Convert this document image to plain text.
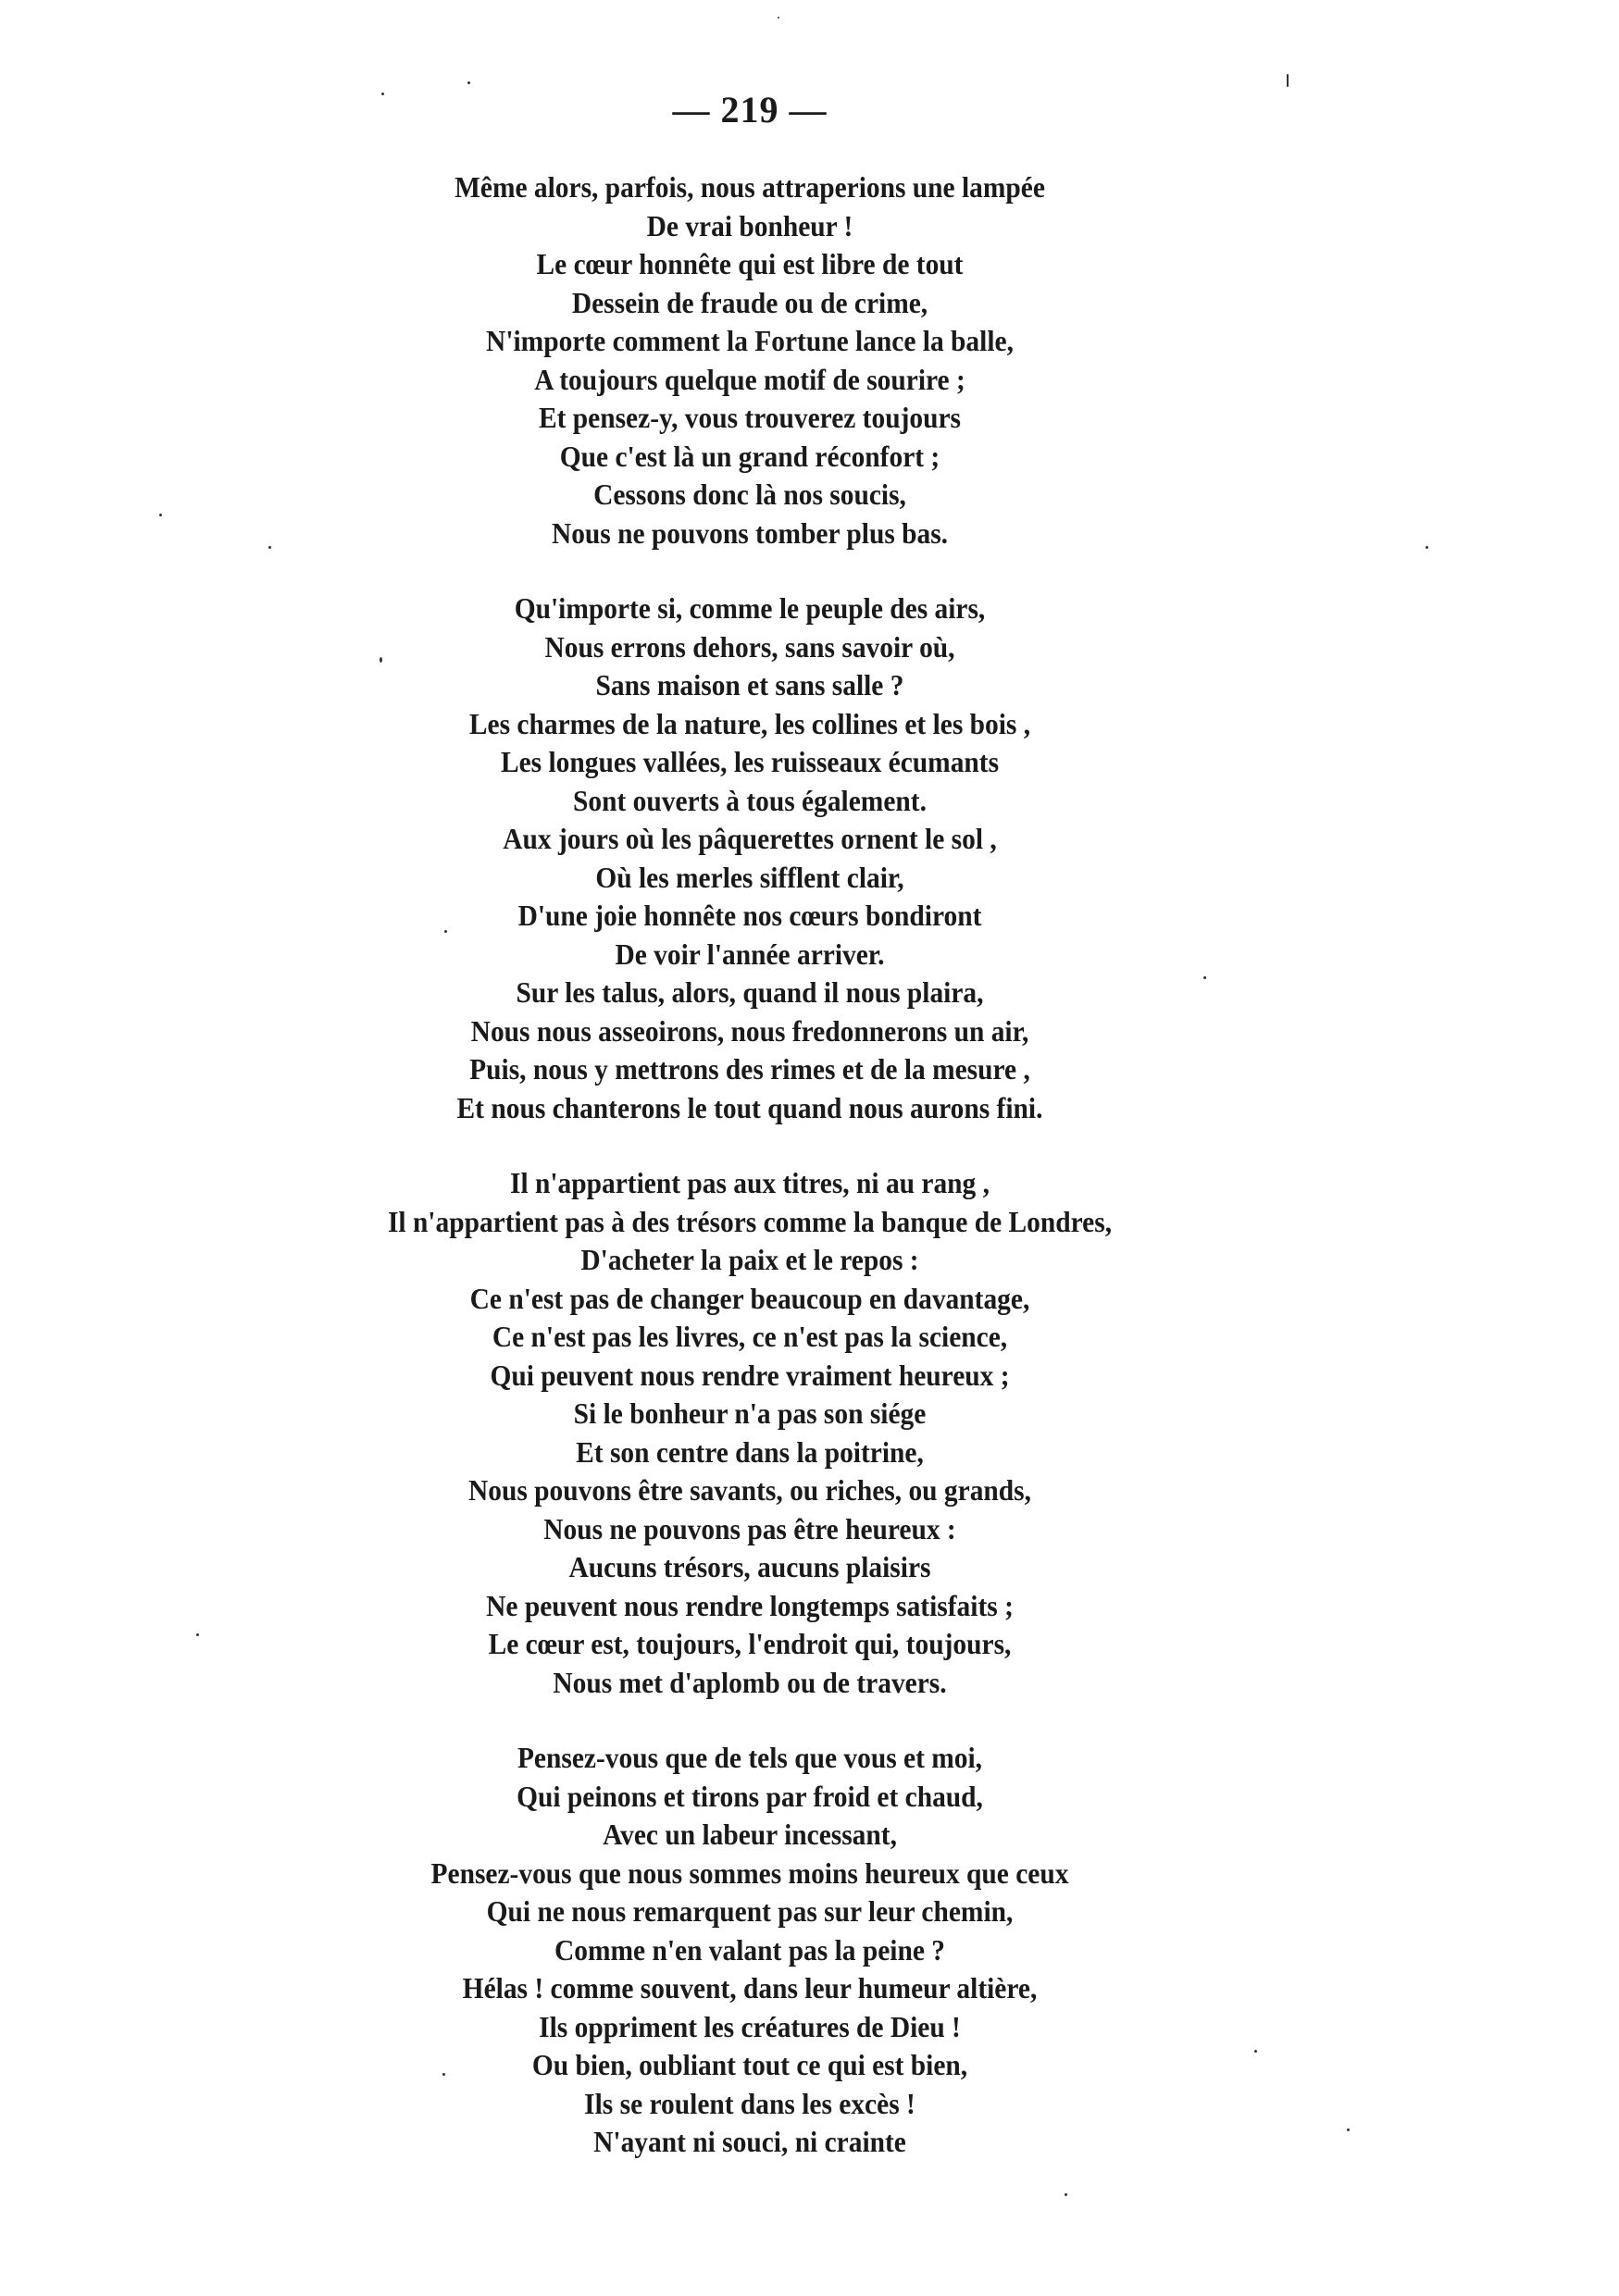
— 219 —
Même alors, parfois, nous attraperions une lampée
De vrai bonheur !
Le cœur honnête qui est libre de tout
Dessein de fraude ou de crime,
N'importe comment la Fortune lance la balle,
A toujours quelque motif de sourire ;
Et pensez-y, vous trouverez toujours
Que c'est là un grand réconfort ;
Cessons donc là nos soucis,
Nous ne pouvons tomber plus bas.
Qu'importe si, comme le peuple des airs,
Nous errons dehors, sans savoir où,
Sans maison et sans salle ?
Les charmes de la nature, les collines et les bois ,
Les longues vallées, les ruisseaux écumants
Sont ouverts à tous également.
Aux jours où les pâquerettes ornent le sol ,
Où les merles sifflent clair,
D'une joie honnête nos cœurs bondiront
De voir l'année arriver.
Sur les talus, alors, quand il nous plaira,
Nous nous asseoirons, nous fredonnerons un air,
Puis, nous y mettrons des rimes et de la mesure ,
Et nous chanterons le tout quand nous aurons fini.
Il n'appartient pas aux titres, ni au rang ,
Il n'appartient pas à des trésors comme la banque de Londres,
D'acheter la paix et le repos :
Ce n'est pas de changer beaucoup en davantage,
Ce n'est pas les livres, ce n'est pas la science,
Qui peuvent nous rendre vraiment heureux ;
Si le bonheur n'a pas son siége
Et son centre dans la poitrine,
Nous pouvons être savants, ou riches, ou grands,
Nous ne pouvons pas être heureux :
Aucuns trésors, aucuns plaisirs
Ne peuvent nous rendre longtemps satisfaits ;
Le cœur est, toujours, l'endroit qui, toujours,
Nous met d'aplomb ou de travers.
Pensez-vous que de tels que vous et moi,
Qui peinons et tirons par froid et chaud,
Avec un labeur incessant,
Pensez-vous que nous sommes moins heureux que ceux
Qui ne nous remarquent pas sur leur chemin,
Comme n'en valant pas la peine ?
Hélas ! comme souvent, dans leur humeur altière,
Ils oppriment les créatures de Dieu !
Ou bien, oubliant tout ce qui est bien,
Ils se roulent dans les excès !
N'ayant ni souci, ni crainte
